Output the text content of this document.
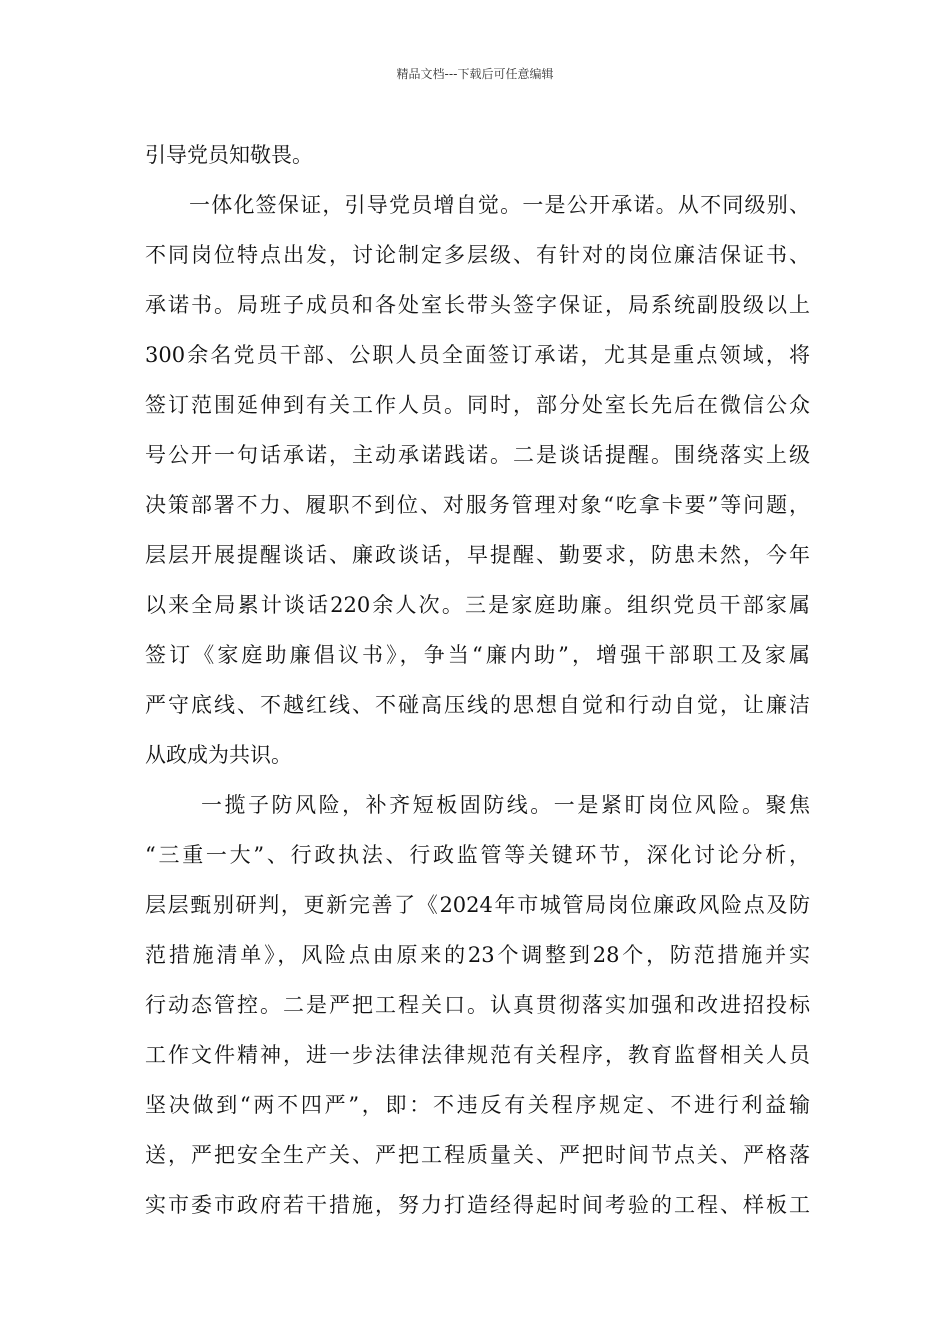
精品文档---下载后可任意编辑
引导党员知敬畏。
一体化签保证，引导党员增自觉。一是公开承诺。从不同级别、
不同岗位特点出发，讨论制定多层级、有针对的岗位廉洁保证书、
承诺书。局班子成员和各处室长带头签字保证，局系统副股级以上
300余名党员干部、公职人员全面签订承诺，尤其是重点领域，将
签订范围延伸到有关工作人员。同时，部分处室长先后在微信公众
号公开一句话承诺，主动承诺践诺。二是谈话提醒。围绕落实上级
决策部署不力、履职不到位、对服务管理对象“吃拿卡要”等问题，
层层开展提醒谈话、廉政谈话，早提醒、勤要求，防患未然，今年
以来全局累计谈话220余人次。三是家庭助廉。组织党员干部家属
签订《家庭助廉倡议书》，争当“廉内助”，增强干部职工及家属
严守底线、不越红线、不碰高压线的思想自觉和行动自觉，让廉洁
从政成为共识。
一揽子防风险，补齐短板固防线。一是紧盯岗位风险。聚焦
“三重一大”、行政执法、行政监管等关键环节，深化讨论分析，
层层甄别研判，更新完善了《2024年市城管局岗位廉政风险点及防
范措施清单》，风险点由原来的23个调整到28个，防范措施并实
行动态管控。二是严把工程关口。认真贯彻落实加强和改进招投标
工作文件精神，进一步法律法律规范有关程序，教育监督相关人员
坚决做到“两不四严”，即：不违反有关程序规定、不进行利益输
送，严把安全生产关、严把工程质量关、严把时间节点关、严格落
实市委市政府若干措施，努力打造经得起时间考验的工程、样板工
